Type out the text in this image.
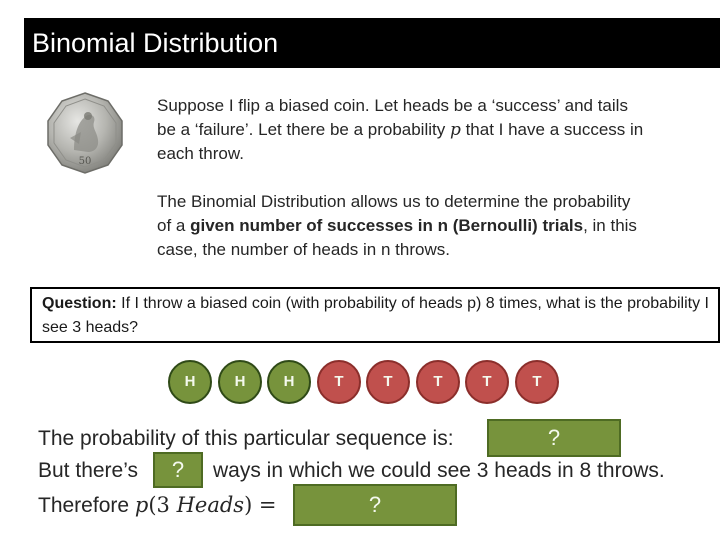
Binomial Distribution
50
Suppose I flip a biased coin. Let heads be a ‘success’ and tails be a ‘failure’. Let there be a probability p that I have a success in each throw.
The Binomial Distribution allows us to determine the probability of a given number of successes in n (Bernoulli) trials, in this case, the number of heads in n throws.
Question: If I throw a biased coin (with probability of heads p) 8 times, what is the probability I see 3 heads?
H	H	H	T	T	T	T	T
The probability of this particular sequence is:	?
But there’s	?	ways in which we could see 3 heads in 8 throws.
Therefore p(3 Heads) =	?
